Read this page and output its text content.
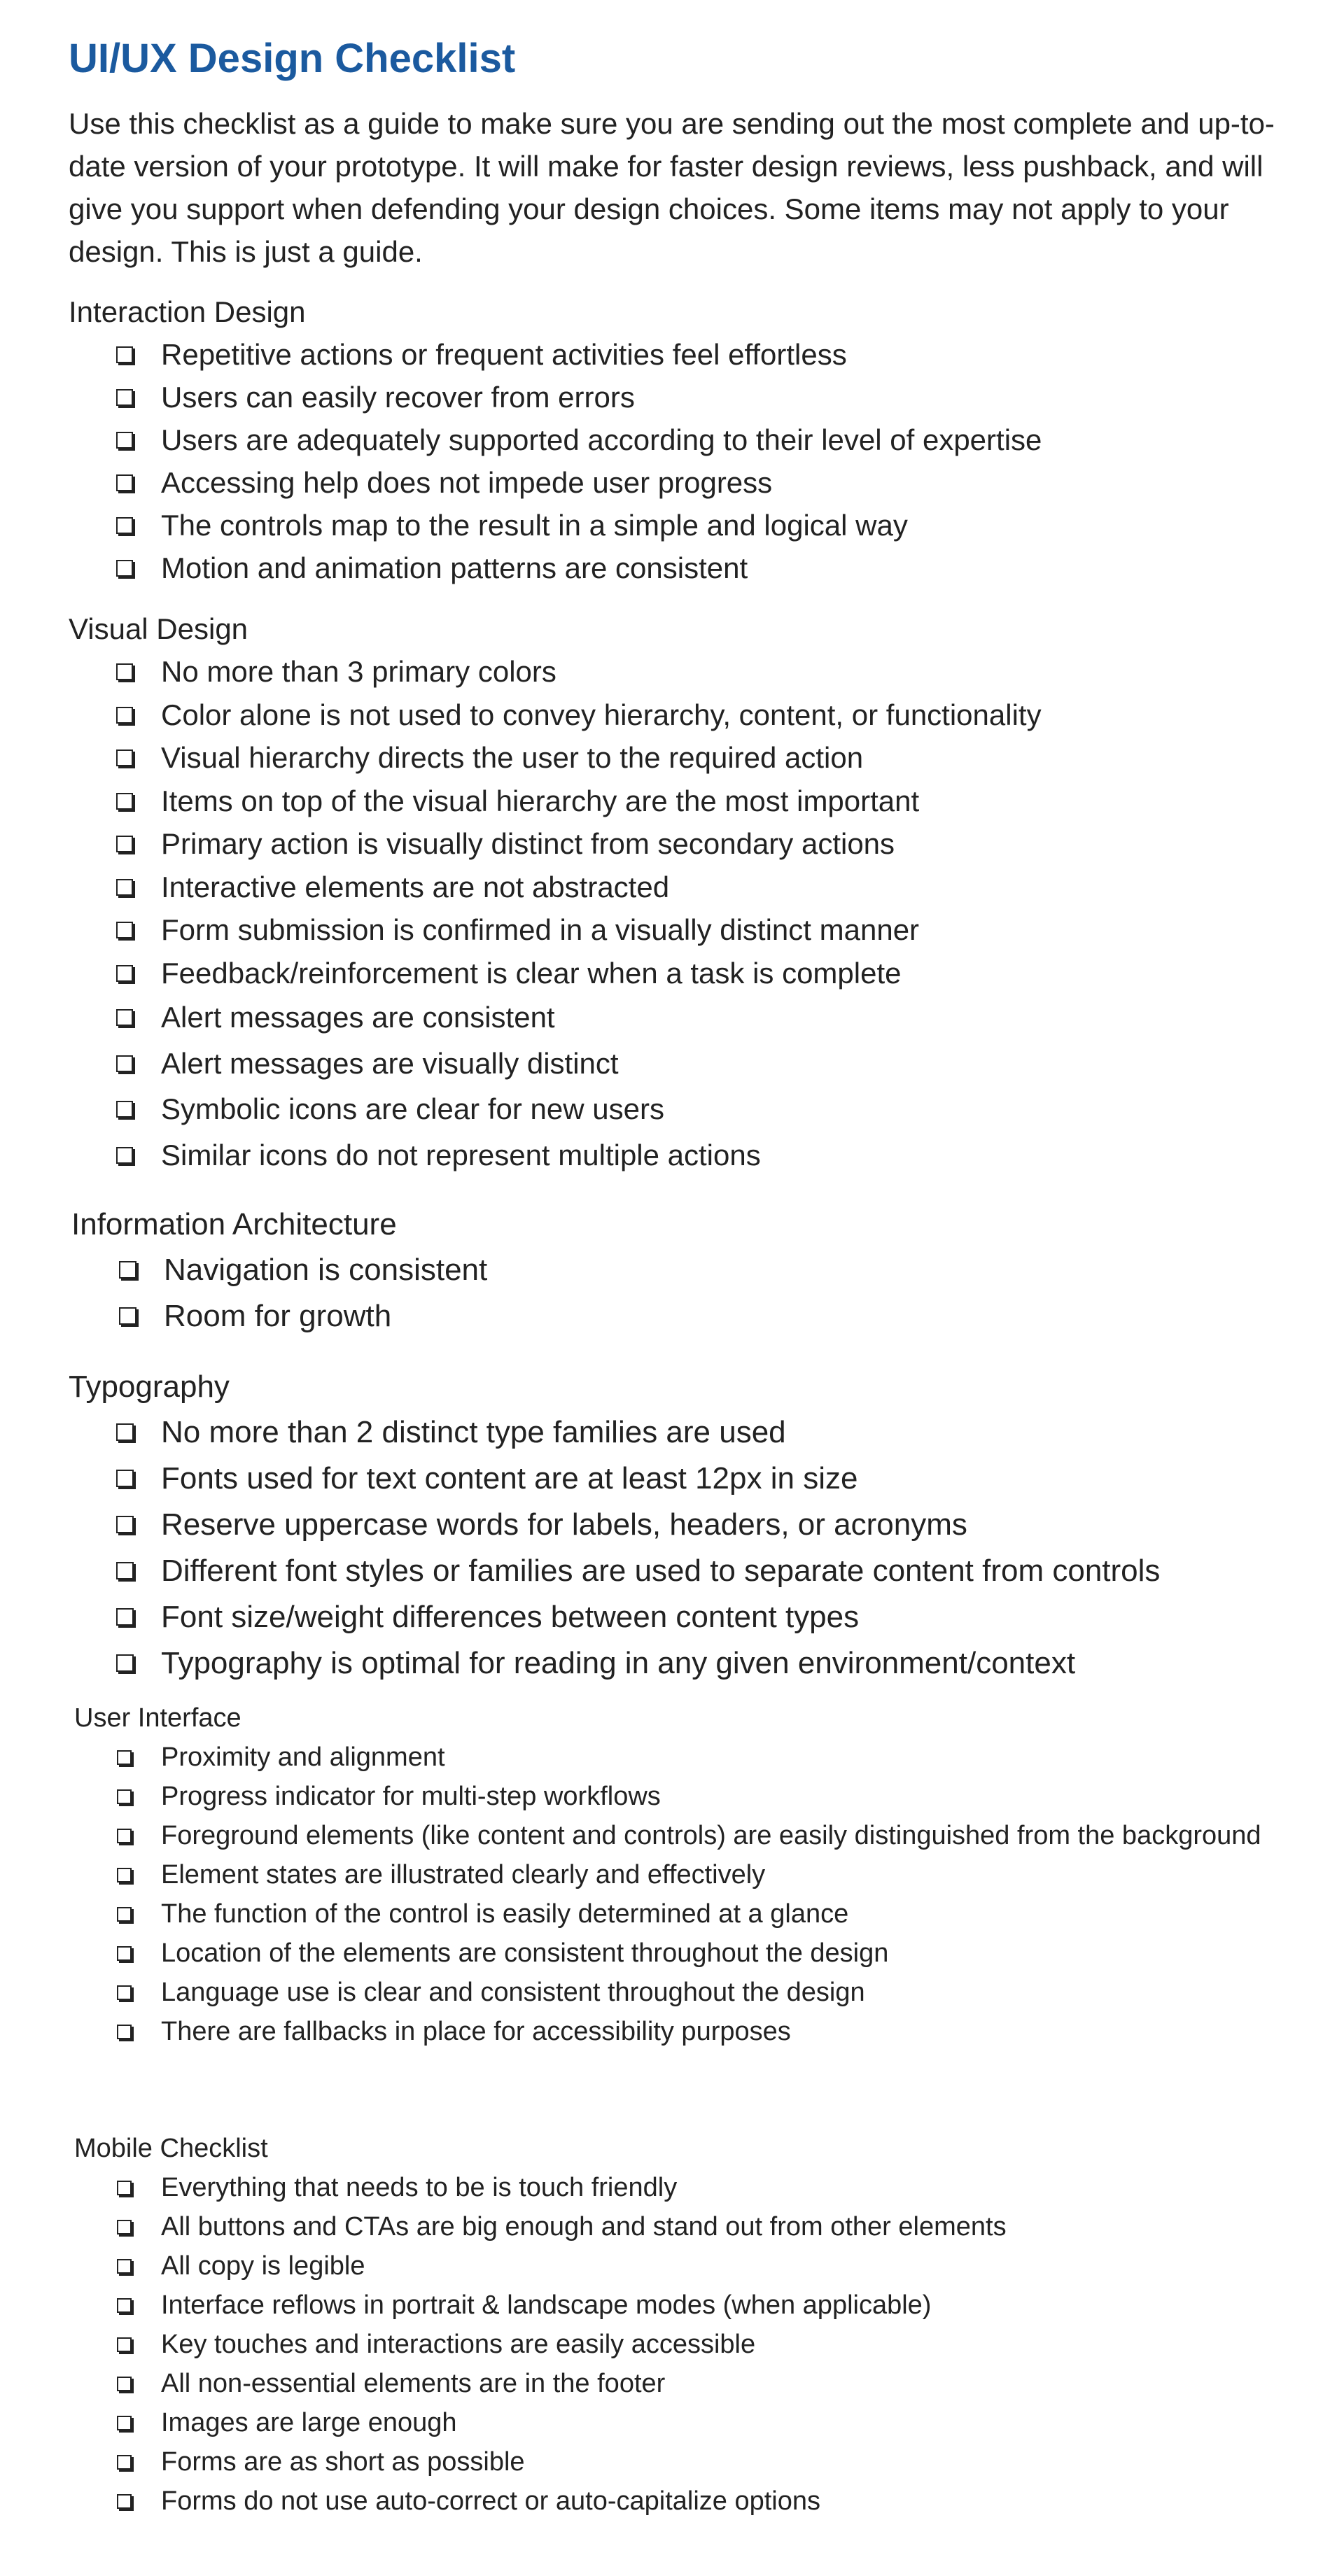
UI/UX Design Checklist

Use this checklist as a guide to make sure you are sending out the most complete and up-to-date version of your prototype. It will make for faster design reviews, less pushback, and will give you support when defending your design choices. Some items may not apply to your design. This is just a guide.

Interaction Design
Repetitive actions or frequent activities feel effortless
Users can easily recover from errors
Users are adequately supported according to their level of expertise
Accessing help does not impede user progress
The controls map to the result in a simple and logical way
Motion and animation patterns are consistent
Visual Design
No more than 3 primary colors
Color alone is not used to convey hierarchy, content, or functionality
Visual hierarchy directs the user to the required action
Items on top of the visual hierarchy are the most important
Primary action is visually distinct from secondary actions
Interactive elements are not abstracted
Form submission is confirmed in a visually distinct manner
Feedback/reinforcement is clear when a task is complete
Alert messages are consistent
Alert messages are visually distinct
Symbolic icons are clear for new users
Similar icons do not represent multiple actions
Information Architecture
Navigation is consistent
Room for growth
Typography
No more than 2 distinct type families are used
Fonts used for text content are at least 12px in size
Reserve uppercase words for labels, headers, or acronyms
Different font styles or families are used to separate content from controls
Font size/weight differences between content types
Typography is optimal for reading in any given environment/context
User Interface
Proximity and alignment
Progress indicator for multi-step workflows
Foreground elements (like content and controls) are easily distinguished from the background
Element states are illustrated clearly and effectively
The function of the control is easily determined at a glance
Location of the elements are consistent throughout the design
Language use is clear and consistent throughout the design
There are fallbacks in place for accessibility purposes
Mobile Checklist
Everything that needs to be is touch friendly
All buttons and CTAs are big enough and stand out from other elements
All copy is legible
Interface reflows in portrait & landscape modes (when applicable)
Key touches and interactions are easily accessible
All non-essential elements are in the footer
Images are large enough
Forms are as short as possible
Forms do not use auto-correct or auto-capitalize options
